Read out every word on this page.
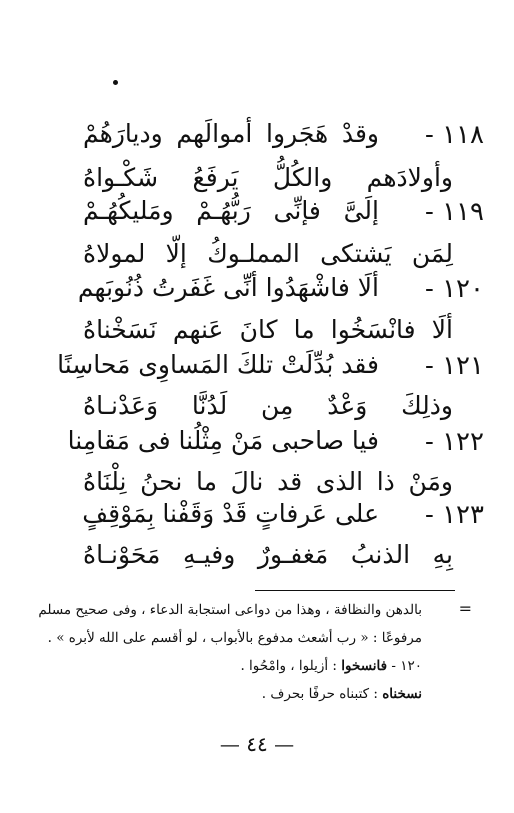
١١٨ -
وقدْ هَجَروا أموالَهم وديارَهُمْ
وأولادَهم والكُلُّ يَرفَعُ شَكْـواهُ
١١٩ -
إلَىَّ فإنِّى رَبُّهُـمْ ومَليكُهُـمْ
لِمَن يَشتكى المملـوكُ إلّا لمولاهُ
١٢٠ -
ألَا فاشْهَدُوا أنِّى غَفَرتُ ذُنُوبَهم
ألَا فانْسَخُوا ما كانَ عَنهم نَسَخْناهُ
١٢١ -
فقد بُدِّلَتْ تلكَ المَساوِى مَحاسِنًا
وذلِكَ وَعْدٌ مِن لَدُنَّا وَعَدْنـاهُ
١٢٢ -
فيا صاحبى مَنْ مِثْلُنا فى مَقامِنا
ومَنْ ذا الذى قد نالَ ما نحنُ نِلْنَاهُ
١٢٣ -
على عَرفاتٍ قَدْ وَقَفْنا بِمَوْقِفٍ
بِهِ الذنبُ مَغفـورٌ وفيـهِ مَحَوْنـاهُ
=
بالدهن والنظافة ، وهذا من دواعى استجابة الدعاء ، وفى صحيح مسلم
مرفوعًا : « رب أشعث مدفوع بالأبواب ، لو أقسم على الله لأبره » .
١٢٠ - فانسخوا : أزيلوا ، وامْحُوا .
نسخناه : كتبناه حرفًا بحرف .
— ٤٤ —
